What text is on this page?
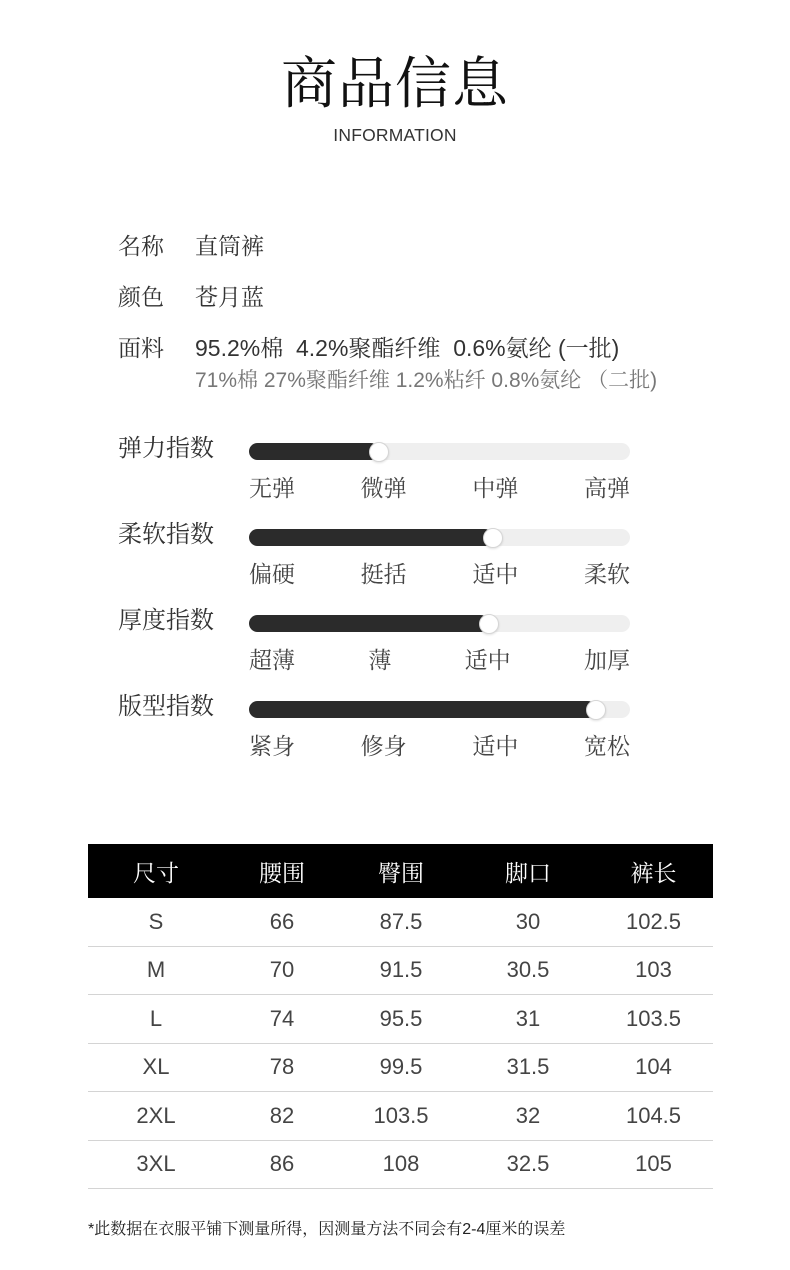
商品信息
INFORMATION
名称	直筒裤
颜色	苍月蓝
面料	95.2%棉  4.2%聚酯纤维  0.6%氨纶 (一批)
71%棉 27%聚酯纤维 1.2%粘纤 0.8%氨纶 （二批)
弹力指数
无弹	微弹	中弹	高弹
柔软指数
偏硬	挺括	适中	柔软
厚度指数
超薄	薄	适中	加厚
版型指数
紧身	修身	适中	宽松
尺寸	腰围	臀围	脚口	裤长
S	66	87.5	30	102.5
M	70	91.5	30.5	103
L	74	95.5	31	103.5
XL	78	99.5	31.5	104
2XL	82	103.5	32	104.5
3XL	86	108	32.5	105
*此数据在衣服平铺下测量所得，因测量方法不同会有2-4厘米的误差
